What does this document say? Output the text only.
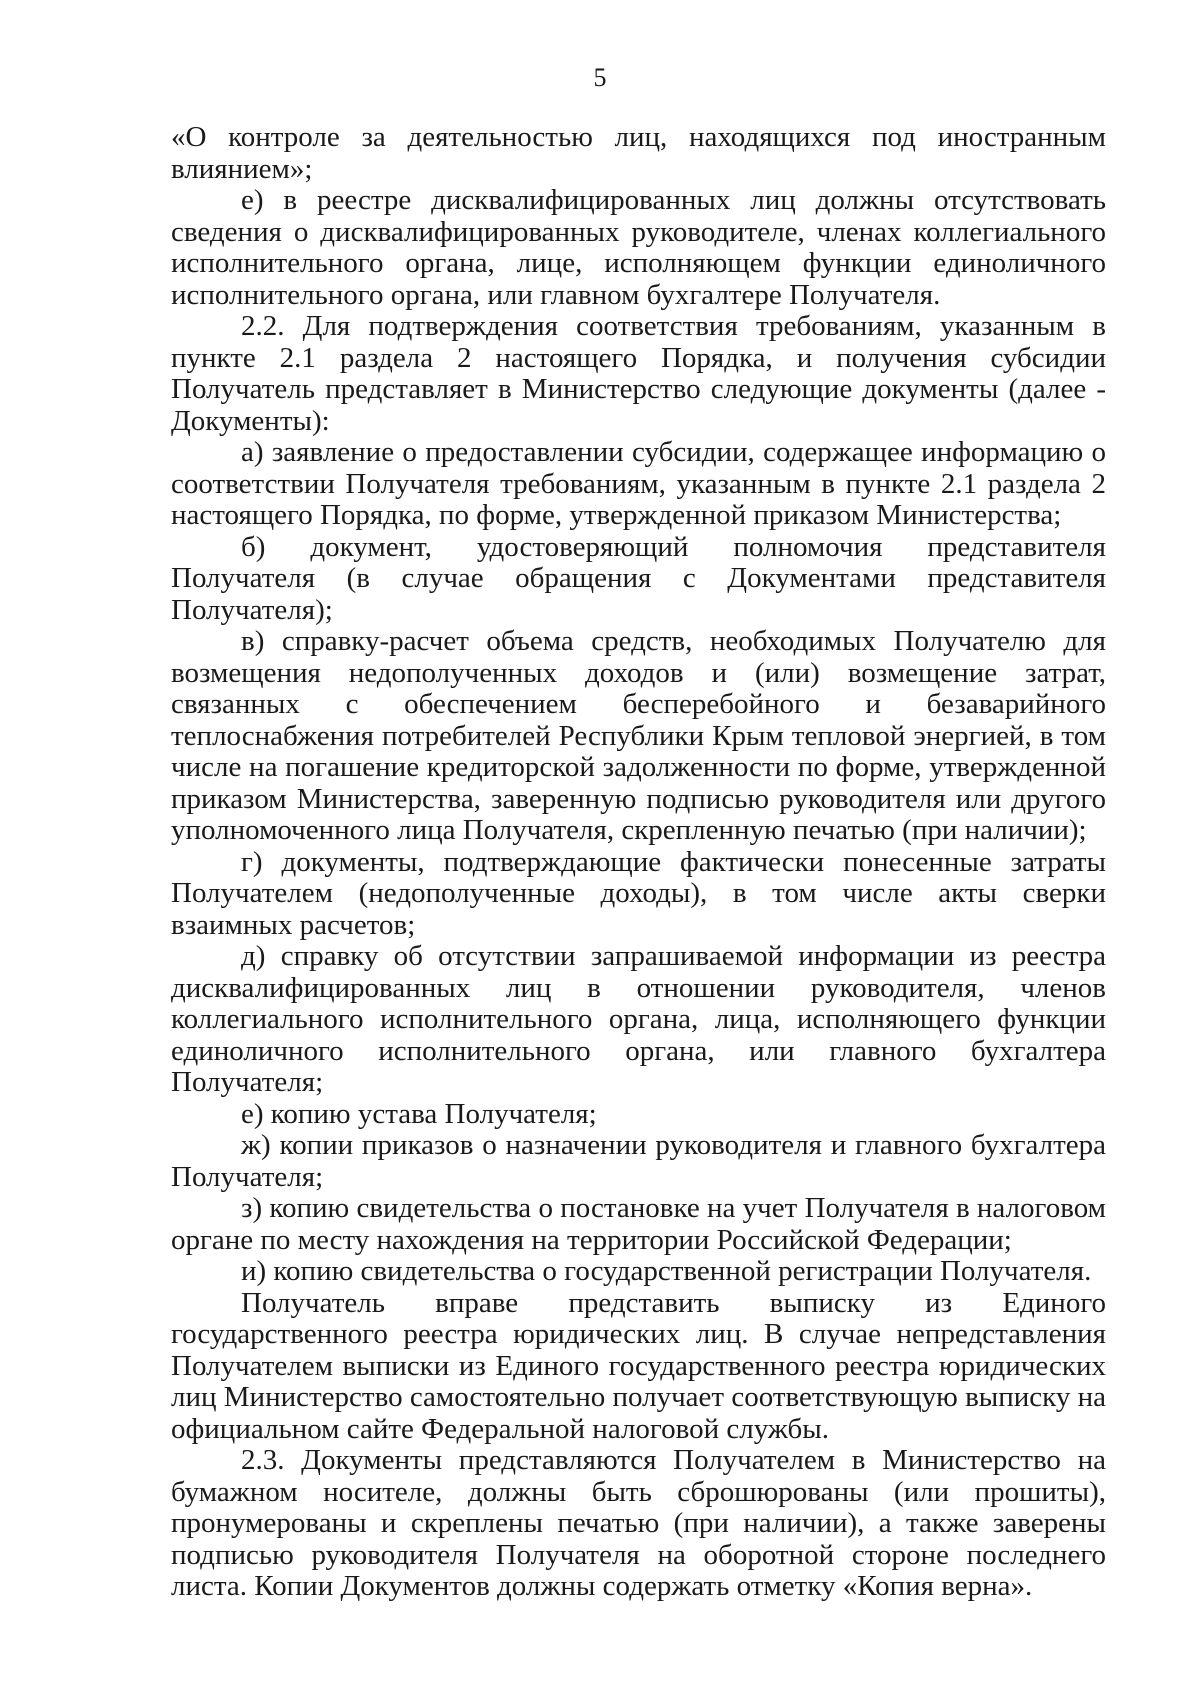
5

«О контроле за деятельностью лиц, находящихся под иностранным влиянием»;

е) в реестре дисквалифицированных лиц должны отсутствовать сведения о дисквалифицированных руководителе, членах коллегиального исполнительного органа, лице, исполняющем функции единоличного исполнительного органа, или главном бухгалтере Получателя.

2.2. Для подтверждения соответствия требованиям, указанным в пункте 2.1 раздела 2 настоящего Порядка, и получения субсидии Получатель представляет в Министерство следующие документы (далее - Документы):

а) заявление о предоставлении субсидии, содержащее информацию о соответствии Получателя требованиям, указанным в пункте 2.1 раздела 2 настоящего Порядка, по форме, утвержденной приказом Министерства;

б) документ, удостоверяющий полномочия представителя Получателя (в случае обращения с Документами представителя Получателя);

в) справку-расчет объема средств, необходимых Получателю для возмещения недополученных доходов и (или) возмещение затрат, связанных с обеспечением бесперебойного и безаварийного теплоснабжения потребителей Республики Крым тепловой энергией, в том числе на погашение кредиторской задолженности по форме, утвержденной приказом Министерства, заверенную подписью руководителя или другого уполномоченного лица Получателя, скрепленную печатью (при наличии);

г) документы, подтверждающие фактически понесенные затраты Получателем (недополученные доходы), в том числе акты сверки взаимных расчетов;

д) справку об отсутствии запрашиваемой информации из реестра дисквалифицированных лиц в отношении руководителя, членов коллегиального исполнительного органа, лица, исполняющего функции единоличного исполнительного органа, или главного бухгалтера Получателя;

е) копию устава Получателя;

ж) копии приказов о назначении руководителя и главного бухгалтера Получателя;

з) копию свидетельства о постановке на учет Получателя в налоговом органе по месту нахождения на территории Российской Федерации;

и) копию свидетельства о государственной регистрации Получателя.

Получатель вправе представить выписку из Единого государственного реестра юридических лиц. В случае непредставления Получателем выписки из Единого государственного реестра юридических лиц Министерство самостоятельно получает соответствующую выписку на официальном сайте Федеральной налоговой службы.

2.3. Документы представляются Получателем в Министерство на бумажном носителе, должны быть сброшюрованы (или прошиты), пронумерованы и скреплены печатью (при наличии), а также заверены подписью руководителя Получателя на оборотной стороне последнего листа. Копии Документов должны содержать отметку «Копия верна».
